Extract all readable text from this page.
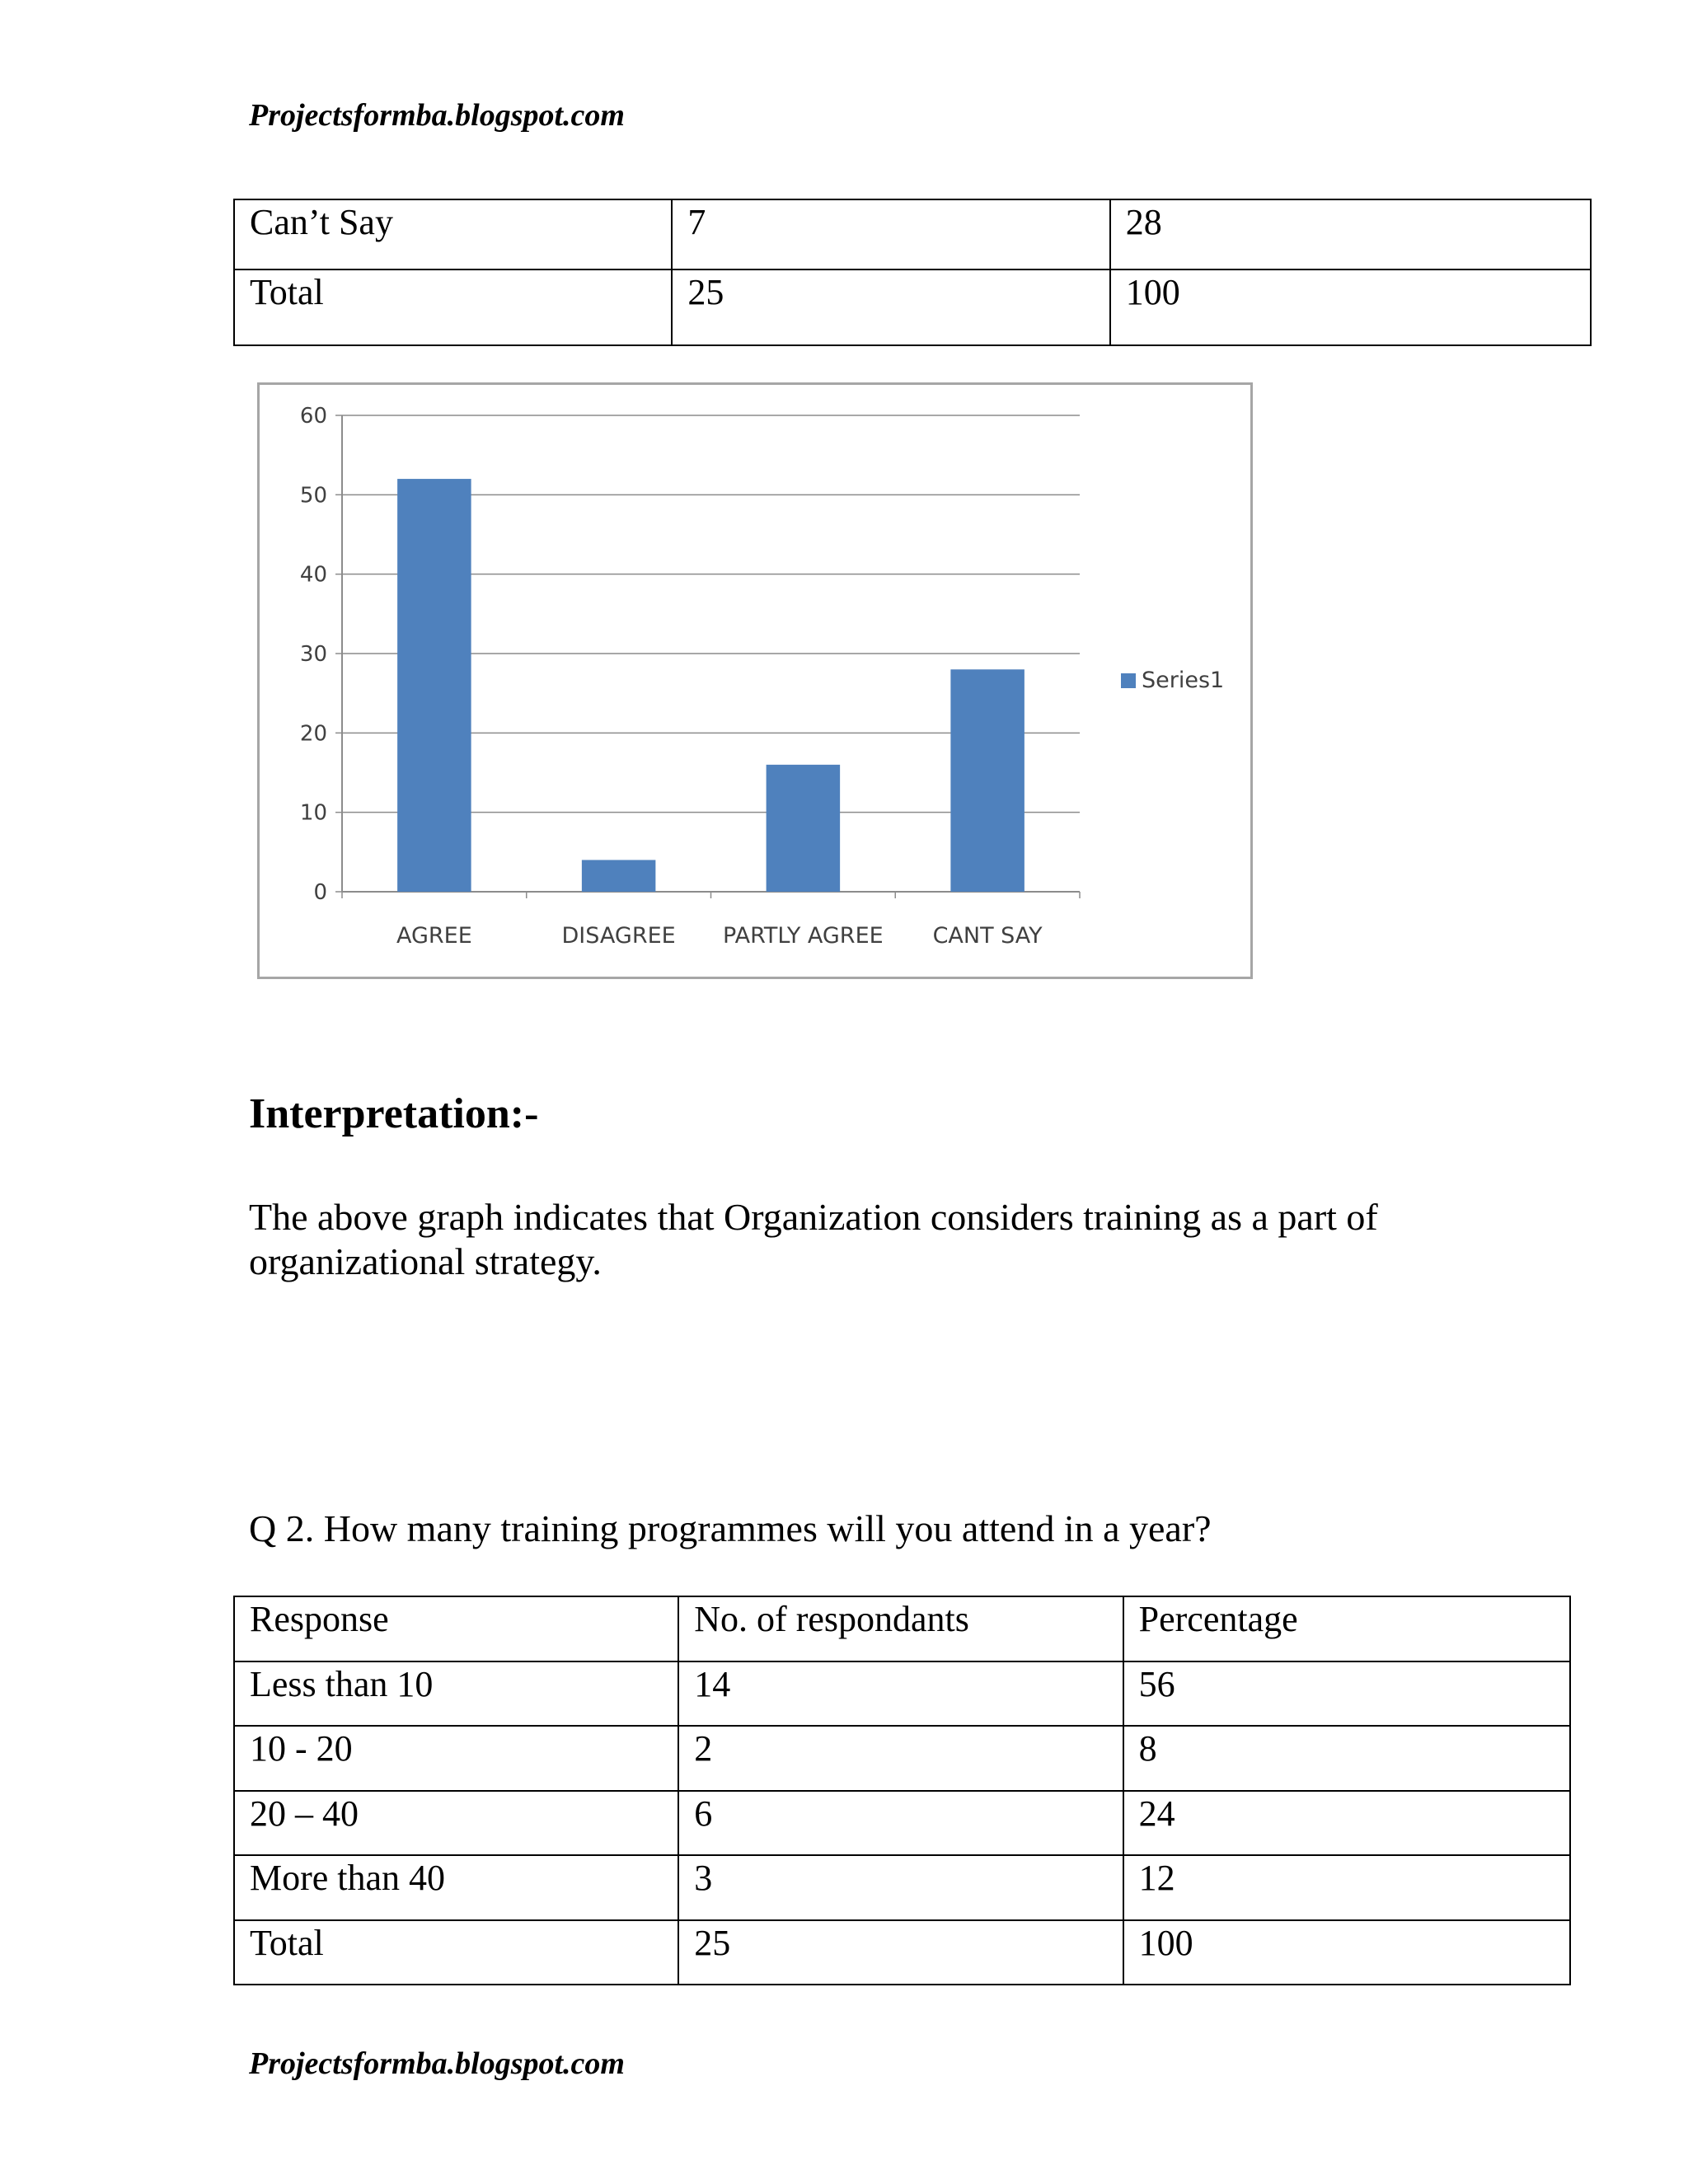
Projectsformba.blogspot.com
Can’t Say	7	28
Total	25	100
0
10
20
30
40
50
60
AGREE	DISAGREE PARTLY AGREE CANT SAY
Series1
Interpretation:-
The above graph indicates that Organization considers training as a part of
organizational strategy.
Q 2. How many training programmes will you attend in a year?
Response	No. of respondants	Percentage
Less than 10	14	56
10 - 20	2	8
20 – 40	6	24
More than 40	3	12
Total	25	100
Projectsformba.blogspot.com
